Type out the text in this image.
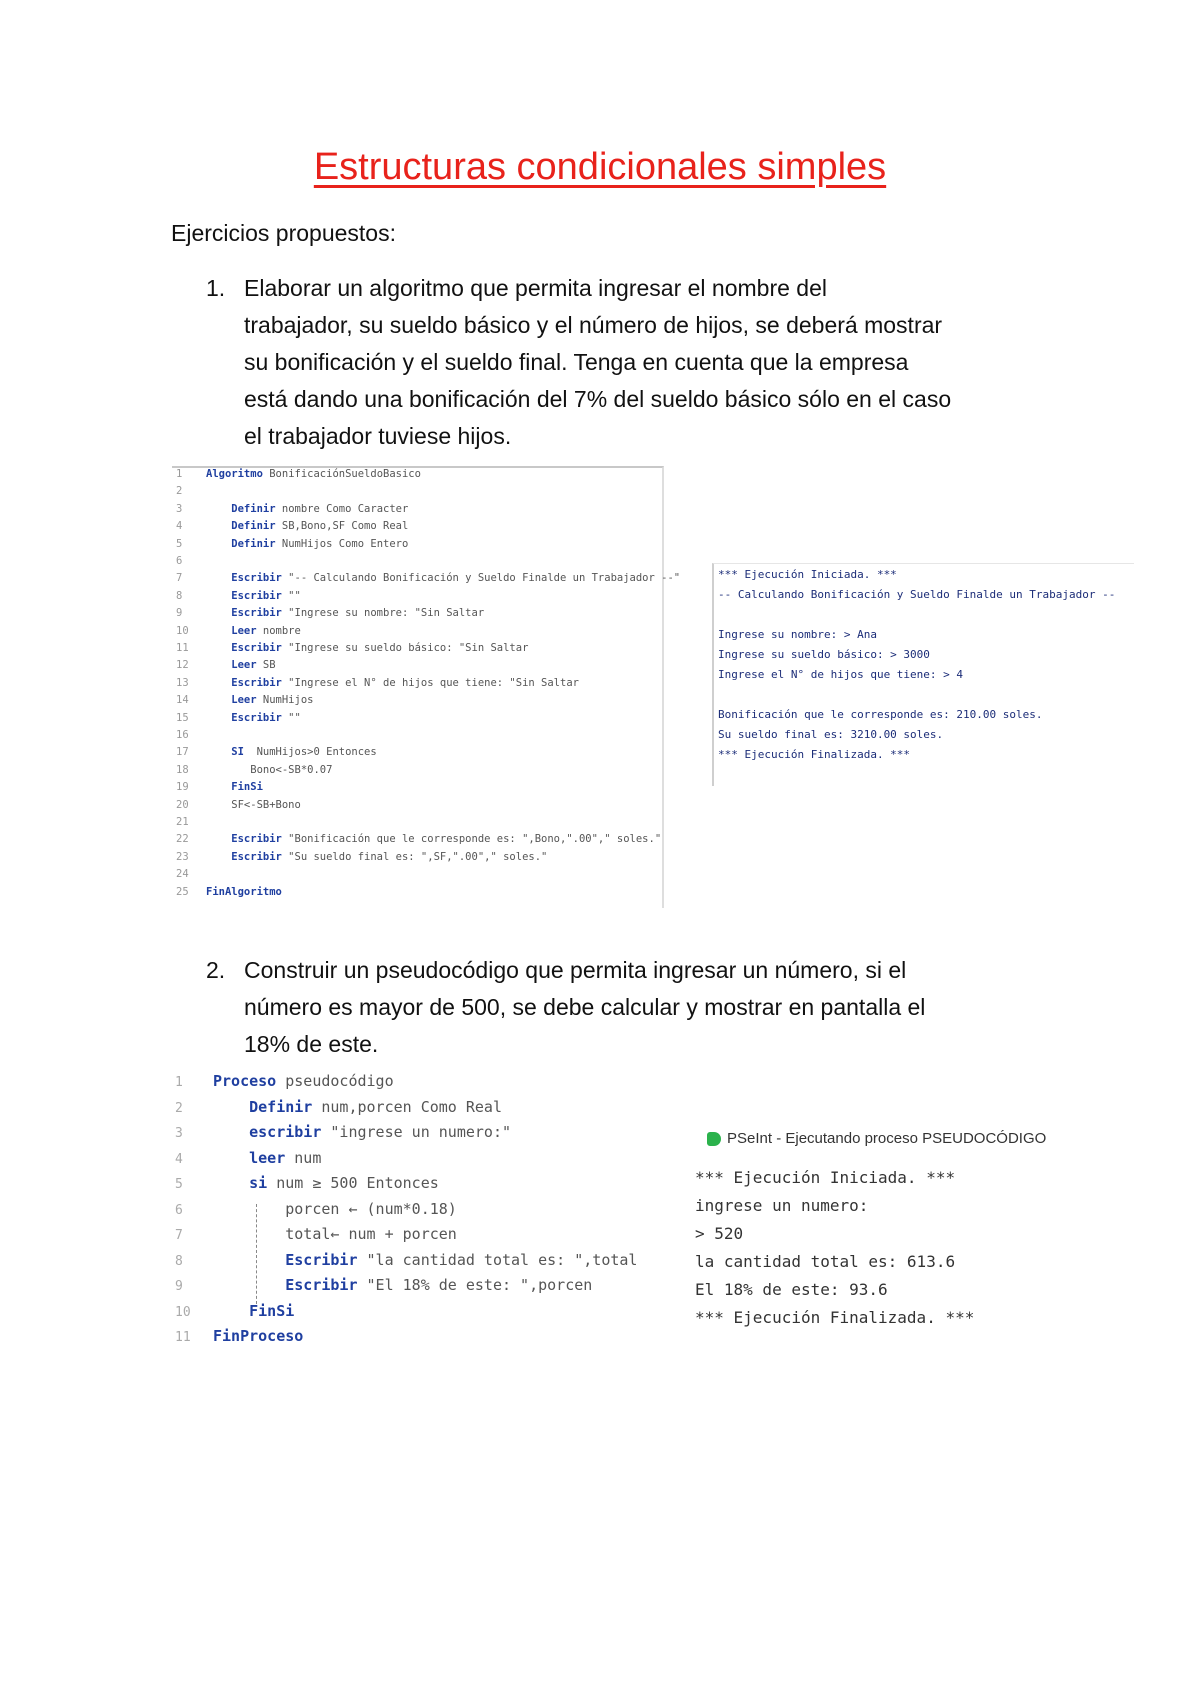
Estructuras condicionales simples
Ejercicios propuestos:
1. Elaborar un algoritmo que permita ingresar el nombre del
trabajador, su sueldo básico y el número de hijos, se deberá mostrar
su bonificación y el sueldo final. Tenga en cuenta que la empresa
está dando una bonificación del 7% del sueldo básico sólo en el caso
el trabajador tuviese hijos.
1 Algoritmo BonificaciónSueldoBasico
2
3    Definir nombre Como Caracter
4    Definir SB,Bono,SF Como Real
5    Definir NumHijos Como Entero
6
7    Escribir "-- Calculando Bonificación y Sueldo Finalde un Trabajador --"
8    Escribir ""
9    Escribir "Ingrese su nombre: "Sin Saltar
10    Leer nombre
11    Escribir "Ingrese su sueldo básico: "Sin Saltar
12    Leer SB
13    Escribir "Ingrese el N° de hijos que tiene: "Sin Saltar
14    Leer NumHijos
15    Escribir ""
16
17    SI  NumHijos>0 Entonces
18       Bono<-SB*0.07
19    FinSi
20    SF<-SB+Bono
21
22    Escribir "Bonificación que le corresponde es: ",Bono,".00"," soles."
23    Escribir "Su sueldo final es: ",SF,".00"," soles."
24
25 FinAlgoritmo
*** Ejecución Iniciada. ***
-- Calculando Bonificación y Sueldo Finalde un Trabajador --
Ingrese su nombre: > Ana
Ingrese su sueldo básico: > 3000
Ingrese el N° de hijos que tiene: > 4
Bonificación que le corresponde es: 210.00 soles.
Su sueldo final es: 3210.00 soles.
*** Ejecución Finalizada. ***
2. Construir un pseudocódigo que permita ingresar un número, si el
número es mayor de 500, se debe calcular y mostrar en pantalla el
18% de este.
1 Proceso pseudocódigo
2    Definir num,porcen Como Real
3    escribir "ingrese un numero:"
4    leer num
5    si num ≥ 500 Entonces
6        porcen ← (num*0.18)
7        total← num + porcen
8        Escribir "la cantidad total es: ",total
9        Escribir "El 18% de este: ",porcen
10    FinSi
11 FinProceso
PSeInt - Ejecutando proceso PSEUDOCÓDIGO
*** Ejecución Iniciada. ***
ingrese un numero:
> 520
la cantidad total es: 613.6
El 18% de este: 93.6
*** Ejecución Finalizada. ***
